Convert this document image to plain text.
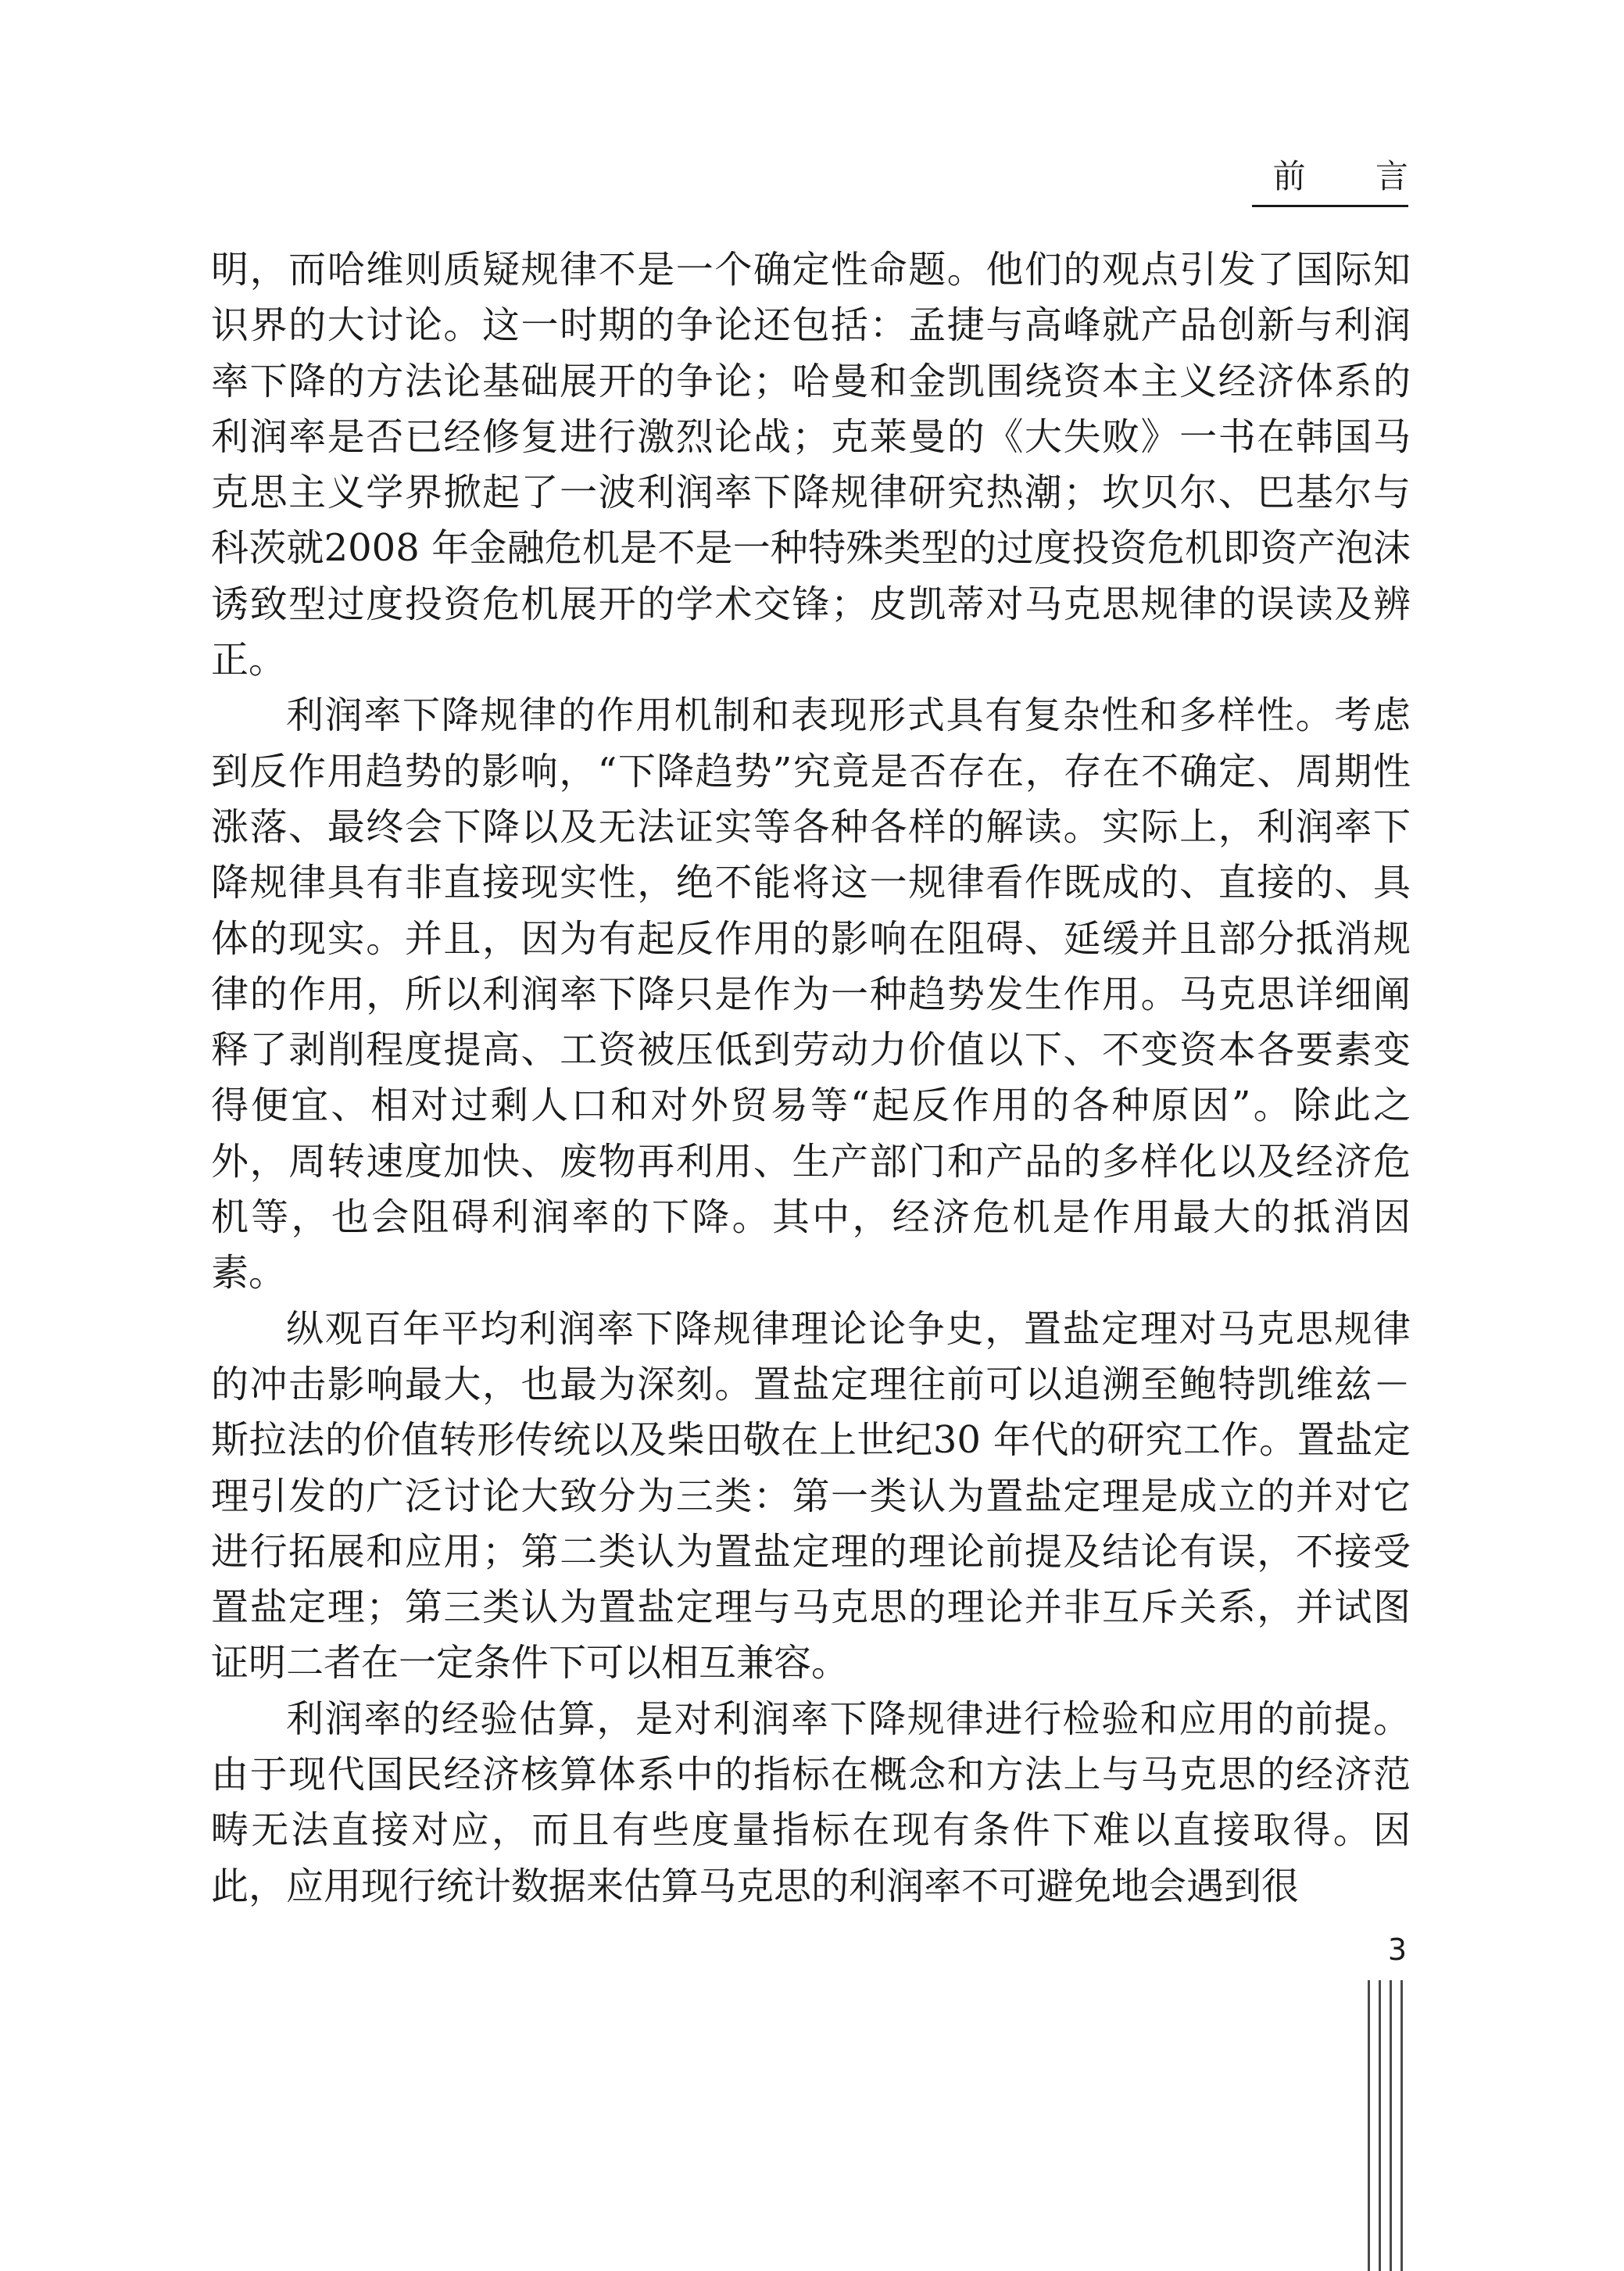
前 言

明，而哈维则质疑规律不是一个确定性命题。他们的观点引发了国际知识界的大讨论。这一时期的争论还包括：孟捷与高峰就产品创新与利润率下降的方法论基础展开的争论；哈曼和金凯围绕资本主义经济体系的利润率是否已经修复进行激烈论战；克莱曼的《大失败》一书在韩国马克思主义学界掀起了一波利润率下降规律研究热潮；坎贝尔、巴基尔与科茨就2008 年金融危机是不是一种特殊类型的过度投资危机即资产泡沫诱致型过度投资危机展开的学术交锋；皮凯蒂对马克思规律的误读及辨正。

利润率下降规律的作用机制和表现形式具有复杂性和多样性。考虑到反作用趋势的影响，“下降趋势”究竟是否存在，存在不确定、周期性涨落、最终会下降以及无法证实等各种各样的解读。实际上，利润率下降规律具有非直接现实性，绝不能将这一规律看作既成的、直接的、具体的现实。并且，因为有起反作用的影响在阻碍、延缓并且部分抵消规律的作用，所以利润率下降只是作为一种趋势发生作用。马克思详细阐释了剥削程度提高、工资被压低到劳动力价值以下、不变资本各要素变得便宜、相对过剩人口和对外贸易等“起反作用的各种原因”。除此之外，周转速度加快、废物再利用、生产部门和产品的多样化以及经济危机等，也会阻碍利润率的下降。其中，经济危机是作用最大的抵消因素。

纵观百年平均利润率下降规律理论论争史，置盐定理对马克思规律的冲击影响最大，也最为深刻。置盐定理往前可以追溯至鲍特凯维兹－斯拉法的价值转形传统以及柴田敬在上世纪30 年代的研究工作。置盐定理引发的广泛讨论大致分为三类：第一类认为置盐定理是成立的并对它进行拓展和应用；第二类认为置盐定理的理论前提及结论有误，不接受置盐定理；第三类认为置盐定理与马克思的理论并非互斥关系，并试图证明二者在一定条件下可以相互兼容。

利润率的经验估算，是对利润率下降规律进行检验和应用的前提。由于现代国民经济核算体系中的指标在概念和方法上与马克思的经济范畴无法直接对应，而且有些度量指标在现有条件下难以直接取得。因此，应用现行统计数据来估算马克思的利润率不可避免地会遇到很

3
